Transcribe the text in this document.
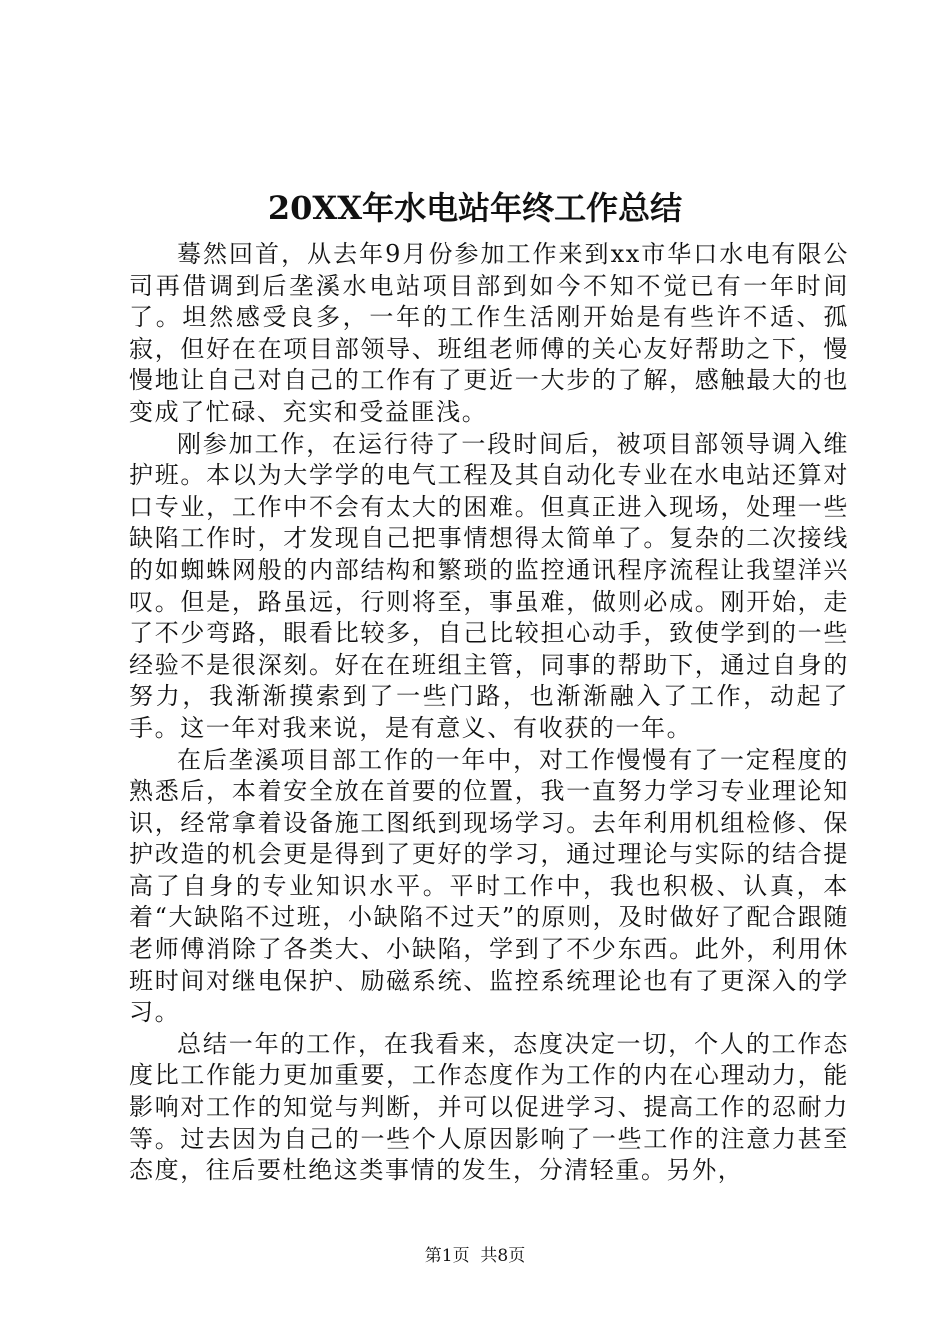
20XX年水电站年终工作总结

蓦然回首，从去年9月份参加工作来到xx市华口水电有限公司再借调到后垄溪水电站项目部到如今不知不觉已有一年时间了。坦然感受良多，一年的工作生活刚开始是有些许不适、孤寂，但好在在项目部领导、班组老师傅的关心友好帮助之下，慢慢地让自己对自己的工作有了更近一大步的了解，感触最大的也变成了忙碌、充实和受益匪浅。

刚参加工作，在运行待了一段时间后，被项目部领导调入维护班。本以为大学学的电气工程及其自动化专业在水电站还算对口专业，工作中不会有太大的困难。但真正进入现场，处理一些缺陷工作时，才发现自己把事情想得太简单了。复杂的二次接线的如蜘蛛网般的内部结构和繁琐的监控通讯程序流程让我望洋兴叹。但是，路虽远，行则将至，事虽难，做则必成。刚开始，走了不少弯路，眼看比较多，自己比较担心动手，致使学到的一些经验不是很深刻。好在在班组主管，同事的帮助下，通过自身的努力，我渐渐摸索到了一些门路，也渐渐融入了工作，动起了手。这一年对我来说，是有意义、有收获的一年。

在后垄溪项目部工作的一年中，对工作慢慢有了一定程度的熟悉后，本着安全放在首要的位置，我一直努力学习专业理论知识，经常拿着设备施工图纸到现场学习。去年利用机组检修、保护改造的机会更是得到了更好的学习，通过理论与实际的结合提高了自身的专业知识水平。平时工作中，我也积极、认真，本着“大缺陷不过班，小缺陷不过天”的原则，及时做好了配合跟随老师傅消除了各类大、小缺陷，学到了不少东西。此外，利用休班时间对继电保护、励磁系统、监控系统理论也有了更深入的学习。

总结一年的工作，在我看来，态度决定一切，个人的工作态度比工作能力更加重要，工作态度作为工作的内在心理动力，能影响对工作的知觉与判断，并可以促进学习、提高工作的忍耐力等。过去因为自己的一些个人原因影响了一些工作的注意力甚至态度，往后要杜绝这类事情的发生，分清轻重。另外，

第1页 共8页
